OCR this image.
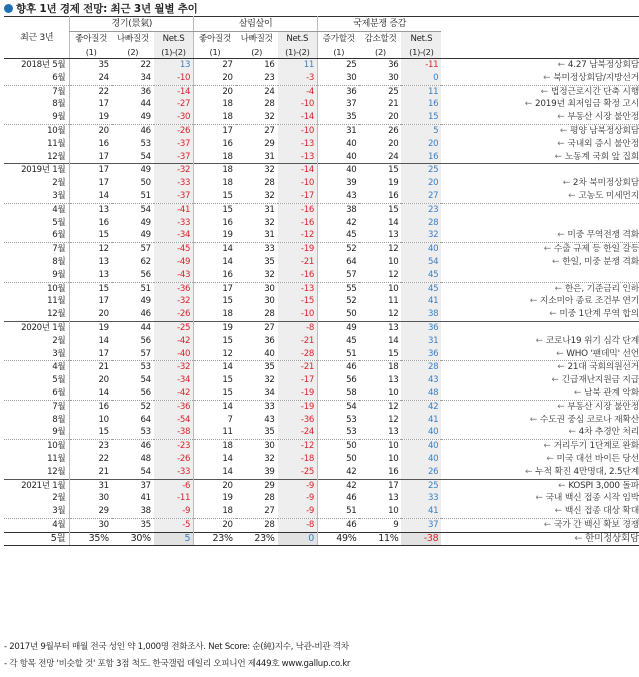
향후 1년 경제 전망: 최근 3년 월별 추이
최근 3년	경기(景氣)			살림살이			국제분쟁 증감			
	좋아질것	나빠질것	Net.S	좋아질것	나빠질것	Net.S	증가할것	감소할것	Net.S	
	(1)	(2)	(1)-(2)	(1)	(2)	(1)-(2)	(1)	(2)	(1)-(2)	
2018년 5월	35	22	13	27	16	11	25	36	-11	← 4.27 남북정상회담
6월	24	34	-10	20	23	-3	30	30	0	← 북미정상회담/지방선거
7월	22	36	-14	20	24	-4	36	25	11	← 법정근로시간 단축 시행
8월	17	44	-27	18	28	-10	37	21	16	← 2019년 최저임금 확정 고시
9월	19	49	-30	18	32	-14	35	20	15	← 부동산 시장 불안정
10월	20	46	-26	17	27	-10	31	26	5	← 평양 남북정상회담
11월	16	53	-37	16	29	-13	40	20	20	← 국내외 증시 불안정
12월	17	54	-37	18	31	-13	40	24	16	← 노동계 국회 앞 집회
2019년 1월	17	49	-32	18	32	-14	40	15	25	
2월	17	50	-33	18	28	-10	39	19	20	← 2차 북미정상회담
3월	14	51	-37	15	32	-17	43	16	27	← 고농도 미세먼지
4월	13	54	-41	15	31	-16	38	15	23	
5월	16	49	-33	16	32	-16	42	14	28	
6월	15	49	-34	19	31	-12	45	13	32	← 미중 무역전쟁 격화
7월	12	57	-45	14	33	-19	52	12	40	← 수출 규제 등 한일 갈등
8월	13	62	-49	14	35	-21	64	10	54	← 한일, 미중 분쟁 격화
9월	13	56	-43	16	32	-16	57	12	45	
10월	15	51	-36	17	30	-13	55	10	45	← 한은, 기준금리 인하
11월	17	49	-32	15	30	-15	52	11	41	← 지소미아 종료 조건부 연기
12월	20	46	-26	18	28	-10	50	12	38	← 미중 1단계 무역 합의
2020년 1월	19	44	-25	19	27	-8	49	13	36	
2월	14	56	-42	15	36	-21	45	14	31	← 코로나19 위기 심각 단계
3월	17	57	-40	12	40	-28	51	15	36	← WHO '팬데믹' 선언
4월	21	53	-32	14	35	-21	46	18	28	← 21대 국회의원선거
5월	20	54	-34	15	32	-17	56	13	43	← 긴급재난지원금 지급
6월	14	56	-42	15	34	-19	58	10	48	← 남북 관계 악화
7월	16	52	-36	14	33	-19	54	12	42	← 부동산 시장 불안정
8월	10	64	-54	7	43	-36	53	12	41	← 수도권 중심 코로나 재확산
9월	15	53	-38	11	35	-24	53	13	40	← 4차 추경안 처리
10월	23	46	-23	18	30	-12	50	10	40	← 거리두기 1단계로 완화
11월	22	48	-26	14	32	-18	50	10	40	← 미국 대선 바이든 당선
12월	21	54	-33	14	39	-25	42	16	26	← 누적 확진 4만명대, 2.5단계
2021년 1월	31	37	-6	20	29	-9	42	17	25	← KOSPI 3,000 돌파
2월	30	41	-11	19	28	-9	46	13	33	← 국내 백신 접종 시작 임박
3월	29	38	-9	18	27	-9	51	10	41	← 백신 접종 대상 확대
4월	30	35	-5	20	28	-8	46	9	37	← 국가 간 백신 확보 경쟁
5월	35%	30%	5	23%	23%	0	49%	11%	-38	← 한미정상회담
- 2017년 9월부터 매월 전국 성인 약 1,000명 전화조사. Net Score: 순(純)지수, 낙관-비관 격차
- 각 항목 전망 '비슷할 것' 포함 3점 척도. 한국갤럽 데일리 오피니언 제449호 www.gallup.co.kr
